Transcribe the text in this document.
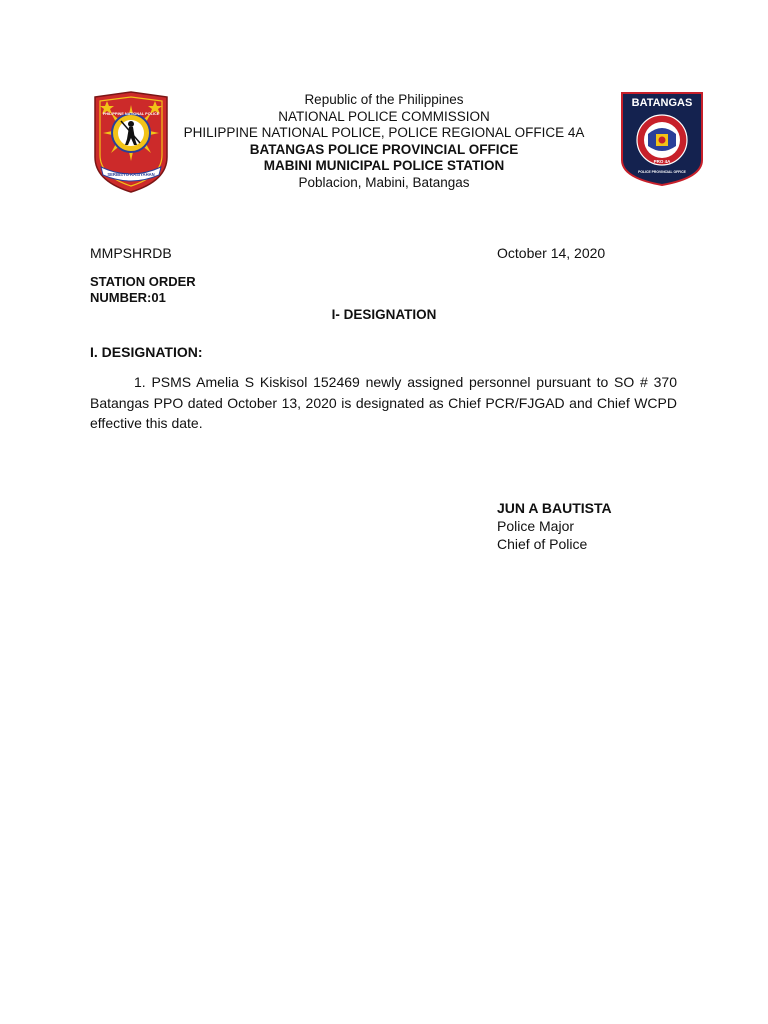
SERBISYO KASIYAHAN
PHILIPPINE NATIONAL POLICE
Republic of the Philippines
NATIONAL POLICE COMMISSION
PHILIPPINE NATIONAL POLICE, POLICE REGIONAL OFFICE 4A
BATANGAS POLICE PROVINCIAL OFFICE
MABINI MUNICIPAL POLICE STATION
Poblacion, Mabini, Batangas
BATANGAS
PRO 4A
POLICE PROVINCIAL OFFICE
MMPSHRDB	October 14, 2020
STATION ORDER
NUMBER:01
I- DESIGNATION
I. DESIGNATION:
1. PSMS Amelia S Kiskisol 152469 newly assigned personnel pursuant to SO # 370 Batangas PPO dated October 13, 2020 is designated as Chief PCR/FJGAD and Chief WCPD effective this date.
JUN A BAUTISTA
Police Major
Chief of Police
